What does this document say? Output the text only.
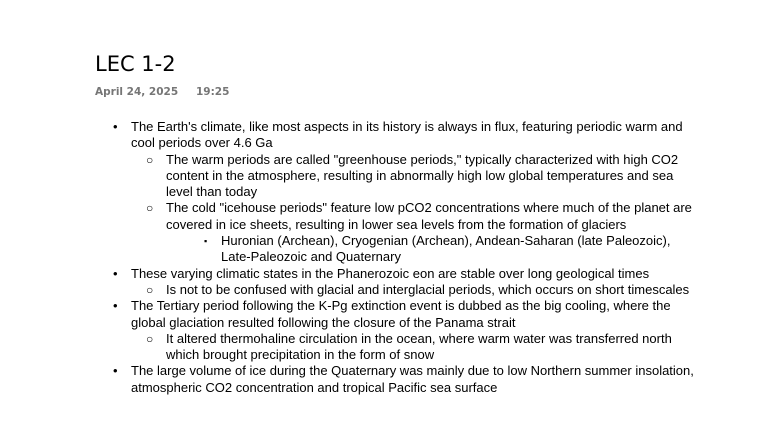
LEC 1-2
April 24, 2025 19:25
• The Earth's climate, like most aspects in its history is always in flux, featuring periodic warm and cool periods over 4.6 Ga
○ The warm periods are called "greenhouse periods," typically characterized with high CO2 content in the atmosphere, resulting in abnormally high low global temperatures and sea level than today
○ The cold "icehouse periods" feature low pCO2 concentrations where much of the planet are covered in ice sheets, resulting in lower sea levels from the formation of glaciers
▪ Huronian (Archean), Cryogenian (Archean), Andean-Saharan (late Paleozoic), Late-Paleozoic and Quaternary
• These varying climatic states in the Phanerozoic eon are stable over long geological times
○ Is not to be confused with glacial and interglacial periods, which occurs on short timescales
• The Tertiary period following the K-Pg extinction event is dubbed as the big cooling, where the global glaciation resulted following the closure of the Panama strait
○ It altered thermohaline circulation in the ocean, where warm water was transferred north which brought precipitation in the form of snow
• The large volume of ice during the Quaternary was mainly due to low Northern summer insolation, atmospheric CO2 concentration and tropical Pacific sea surface
